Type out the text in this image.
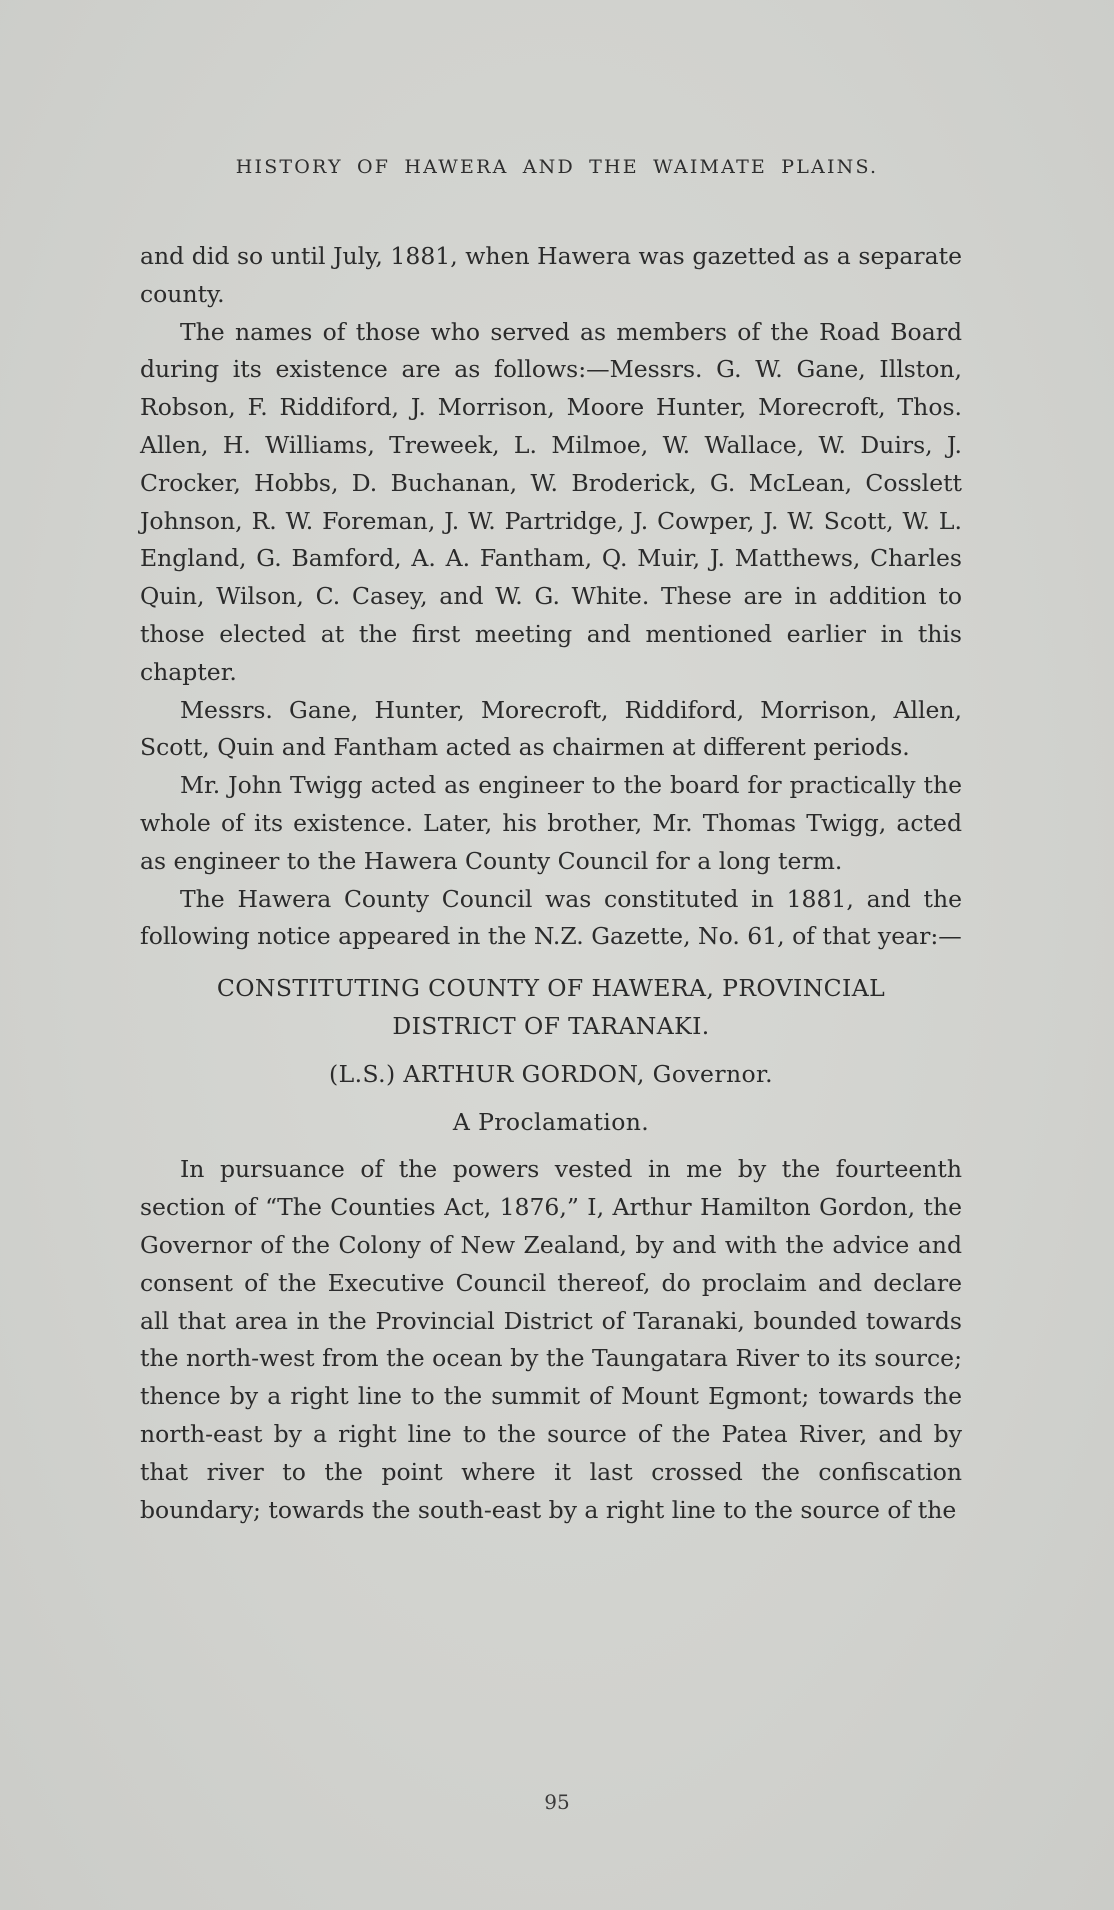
HISTORY OF HAWERA AND THE WAIMATE PLAINS.

and did so until July, 1881, when Hawera was gazetted as a separate county.

The names of those who served as members of the Road Board during its existence are as follows:—Messrs. G. W. Gane, Illston, Robson, F. Riddiford, J. Morrison, Moore Hunter, Morecroft, Thos. Allen, H. Williams, Treweek, L. Milmoe, W. Wallace, W. Duirs, J. Crocker, Hobbs, D. Buchanan, W. Broderick, G. McLean, Cosslett Johnson, R. W. Foreman, J. W. Partridge, J. Cowper, J. W. Scott, W. L. England, G. Bamford, A. A. Fantham, Q. Muir, J. Matthews, Charles Quin, Wilson, C. Casey, and W. G. White. These are in addition to those elected at the first meeting and mentioned earlier in this chapter.

Messrs. Gane, Hunter, Morecroft, Riddiford, Morrison, Allen, Scott, Quin and Fantham acted as chairmen at different periods.

Mr. John Twigg acted as engineer to the board for practically the whole of its existence. Later, his brother, Mr. Thomas Twigg, acted as engineer to the Hawera County Council for a long term.

The Hawera County Council was constituted in 1881, and the following notice appeared in the N.Z. Gazette, No. 61, of that year:—

CONSTITUTING COUNTY OF HAWERA, PROVINCIAL

DISTRICT OF TARANAKI.

(L.S.) ARTHUR GORDON, Governor.

A Proclamation.

In pursuance of the powers vested in me by the fourteenth section of “The Counties Act, 1876,” I, Arthur Hamilton Gordon, the Governor of the Colony of New Zealand, by and with the advice and consent of the Executive Council thereof, do proclaim and declare all that area in the Provincial District of Taranaki, bounded towards the north-west from the ocean by the Taungatara River to its source; thence by a right line to the summit of Mount Egmont; towards the north-east by a right line to the source of the Patea River, and by that river to the point where it last crossed the confiscation boundary; towards the south-east by a right line to the source of the

95
